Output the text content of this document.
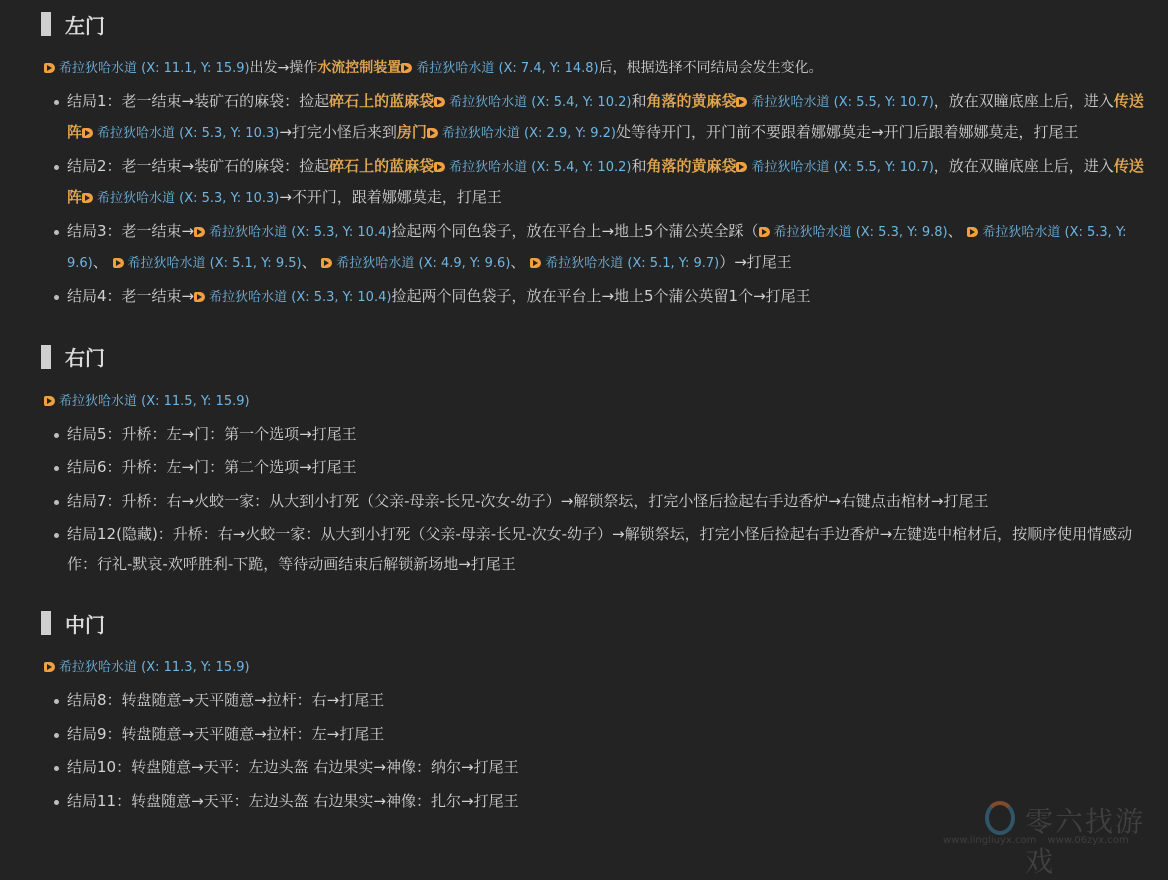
左门
希拉狄哈水道 (X: 11.1, Y: 15.9)出发→操作水流控制装置 希拉狄哈水道 (X: 7.4, Y: 14.8)后，根据选择不同结局会发生变化。
结局1：老一结束→装矿石的麻袋：捡起碎石上的蓝麻袋 希拉狄哈水道 (X: 5.4, Y: 10.2)和角落的黄麻袋 希拉狄哈水道 (X: 5.5, Y: 10.7)，放在双瞳底座上后，进入传送阵 希拉狄哈水道 (X: 5.3, Y: 10.3)→打完小怪后来到房门 希拉狄哈水道 (X: 2.9, Y: 9.2)处等待开门，开门前不要跟着娜娜莫走→开门后跟着娜娜莫走，打尾王
结局2：老一结束→装矿石的麻袋：捡起碎石上的蓝麻袋 希拉狄哈水道 (X: 5.4, Y: 10.2)和角落的黄麻袋 希拉狄哈水道 (X: 5.5, Y: 10.7)，放在双瞳底座上后，进入传送阵 希拉狄哈水道 (X: 5.3, Y: 10.3)→不开门，跟着娜娜莫走，打尾王
结局3：老一结束→ 希拉狄哈水道 (X: 5.3, Y: 10.4)捡起两个同色袋子，放在平台上→地上5个蒲公英全踩（ 希拉狄哈水道 (X: 5.3, Y: 9.8)、 希拉狄哈水道 (X: 5.3, Y: 9.6)、 希拉狄哈水道 (X: 5.1, Y: 9.5)、 希拉狄哈水道 (X: 4.9, Y: 9.6)、 希拉狄哈水道 (X: 5.1, Y: 9.7)）→打尾王
结局4：老一结束→ 希拉狄哈水道 (X: 5.3, Y: 10.4)捡起两个同色袋子，放在平台上→地上5个蒲公英留1个→打尾王
右门
希拉狄哈水道 (X: 11.5, Y: 15.9)
结局5：升桥：左→门：第一个选项→打尾王
结局6：升桥：左→门：第二个选项→打尾王
结局7：升桥：右→火蛟一家：从大到小打死（父亲-母亲-长兄-次女-幼子）→解锁祭坛，打完小怪后捡起右手边香炉→右键点击棺材→打尾王
结局12(隐藏)：升桥：右→火蛟一家：从大到小打死（父亲-母亲-长兄-次女-幼子）→解锁祭坛，打完小怪后捡起右手边香炉→左键选中棺材后，按顺序使用情感动作：行礼-默哀-欢呼胜利-下跪，等待动画结束后解锁新场地→打尾王
中门
希拉狄哈水道 (X: 11.3, Y: 15.9)
结局8：转盘随意→天平随意→拉杆：右→打尾王
结局9：转盘随意→天平随意→拉杆：左→打尾王
结局10：转盘随意→天平：左边头盔 右边果实→神像：纳尔→打尾王
结局11：转盘随意→天平：左边头盔 右边果实→神像：扎尔→打尾王
零六找游戏
www.lingliuyx.com www.06zyx.com
